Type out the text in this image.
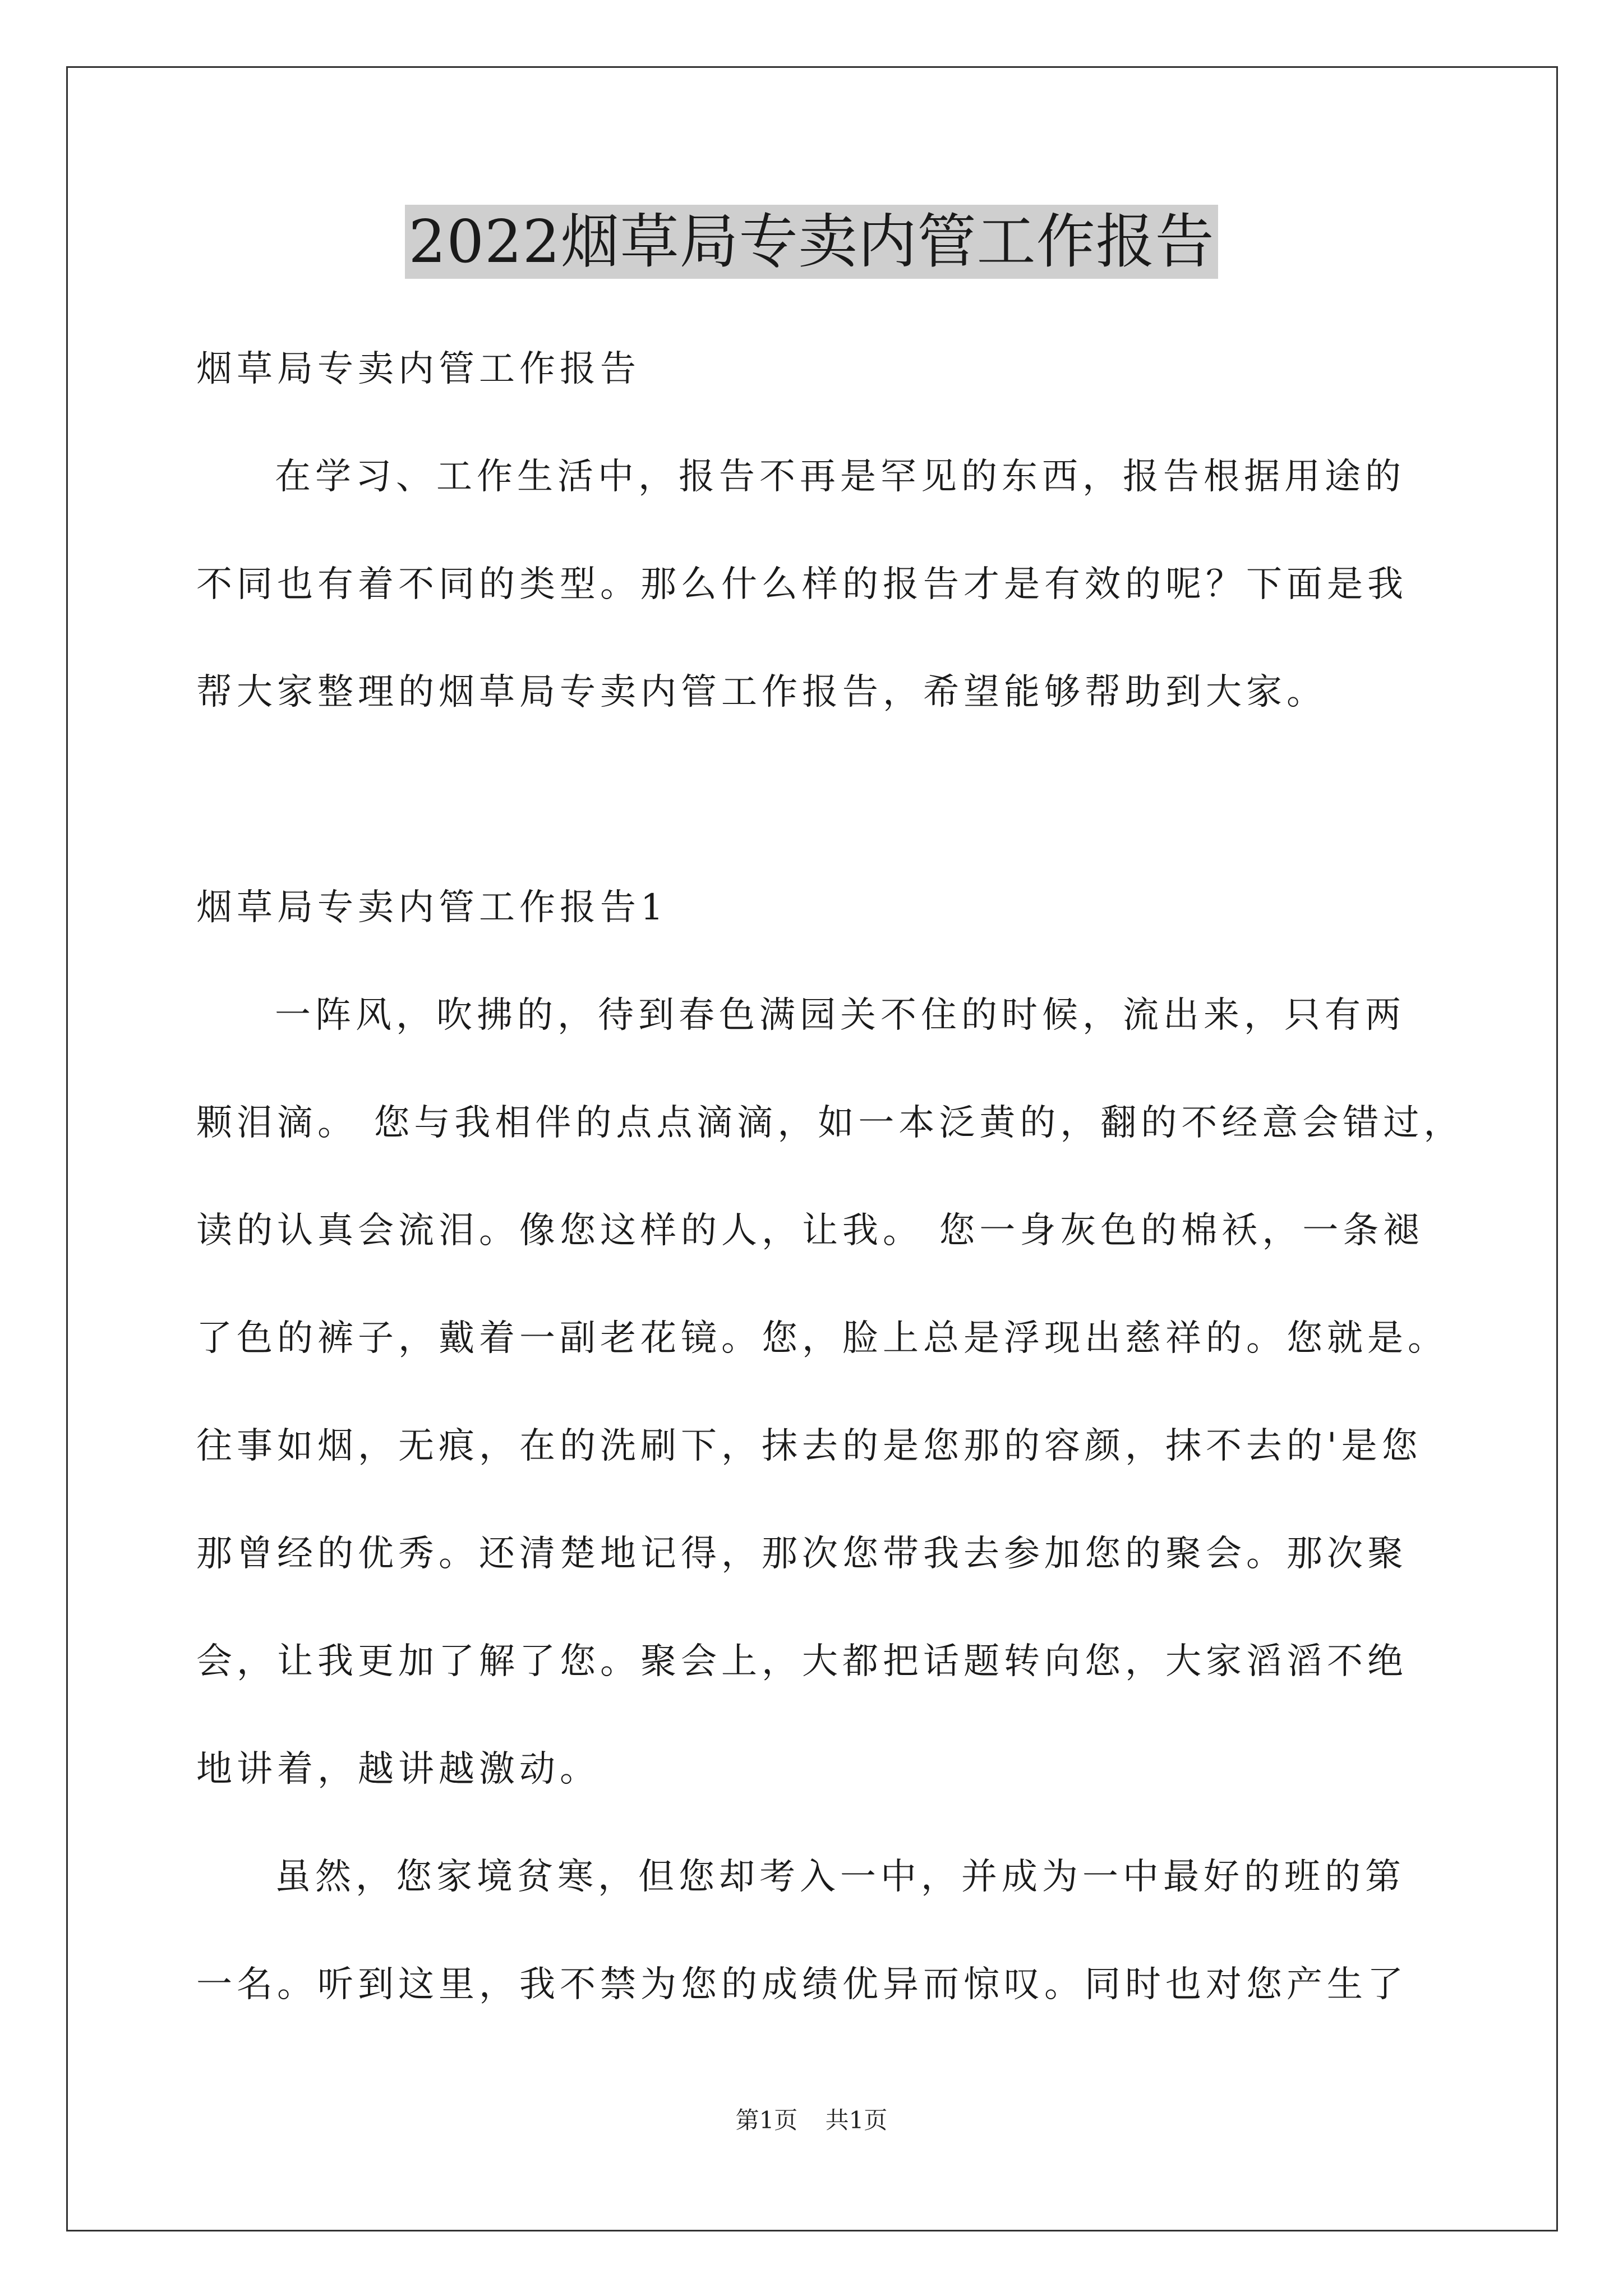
2022烟草局专卖内管工作报告

烟草局专卖内管工作报告

在学习、工作生活中，报告不再是罕见的东西，报告根据用途的

不同也有着不同的类型。那么什么样的报告才是有效的呢？下面是我

帮大家整理的烟草局专卖内管工作报告，希望能够帮助到大家。

烟草局专卖内管工作报告1

一阵风，吹拂的，待到春色满园关不住的时候，流出来，只有两

颗泪滴。 您与我相伴的点点滴滴，如一本泛黄的，翻的不经意会错过，

读的认真会流泪。像您这样的人，让我。 您一身灰色的棉袄，一条褪

了色的裤子，戴着一副老花镜。您，脸上总是浮现出慈祥的。您就是。

往事如烟，无痕，在的洗刷下，抹去的是您那的容颜，抹不去的'是您

那曾经的优秀。还清楚地记得，那次您带我去参加您的聚会。那次聚

会，让我更加了解了您。聚会上，大都把话题转向您，大家滔滔不绝

地讲着，越讲越激动。

虽然，您家境贫寒，但您却考入一中，并成为一中最好的班的第

一名。听到这里，我不禁为您的成绩优异而惊叹。同时也对您产生了

第1页 共1页
